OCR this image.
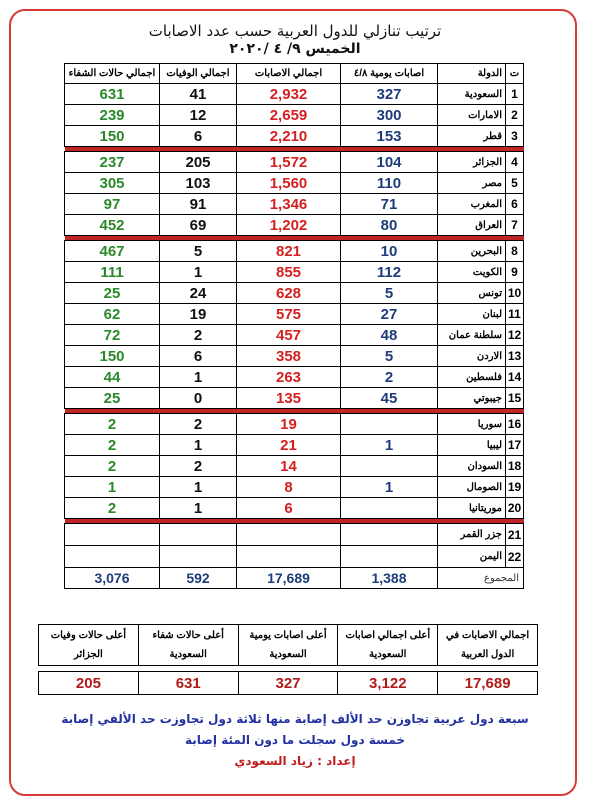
ترتيب تنازلي للدول العربية حسب عدد الاصابات
الخميس ٩/ ٤ /٢٠٢٠
ت	الدولة	اصابات يومية ٤/٨	اجمالي الاصابات	اجمالي الوفيات	اجمالي حالات الشفاء
1	السعودية	327	2,932	41	631
2	الامارات	300	2,659	12	239
3	قطر	153	2,210	6	150

4	الجزائر	104	1,572	205	237
5	مصر	110	1,560	103	305
6	المغرب	71	1,346	91	97
7	العراق	80	1,202	69	452

8	البحرين	10	821	5	467
9	الكويت	112	855	1	111
10	تونس	5	628	24	25
11	لبنان	27	575	19	62
12	سلطنة عمان	48	457	2	72
13	الاردن	5	358	6	150
14	فلسطين	2	263	1	44
15	جيبوتي	45	135	0	25

16	سوريا		19	2	2
17	ليبيا	1	21	1	2
18	السودان		14	2	2
19	الصومال	1	8	1	1
20	موريتانيا		6	1	2

21	جزر القمر				
22	اليمن				
المجموع		1,388	17,689	592	3,076
اجمالي الاصابات في الدول العربية	أعلى اجمالي اصابات السعودية	أعلى اصابات يومية السعودية	أعلى حالات شفاء السعودية	أعلى حالات وفيات الجزائر

17,689	3,122	327	631	205
سبعة دول عربية تجاوزن حد الألف إصابة منها ثلاثة دول تجاوزت حد الألفي إصابة
خمسة دول سجلت ما دون المئة إصابة
إعداد : زياد السعودي
